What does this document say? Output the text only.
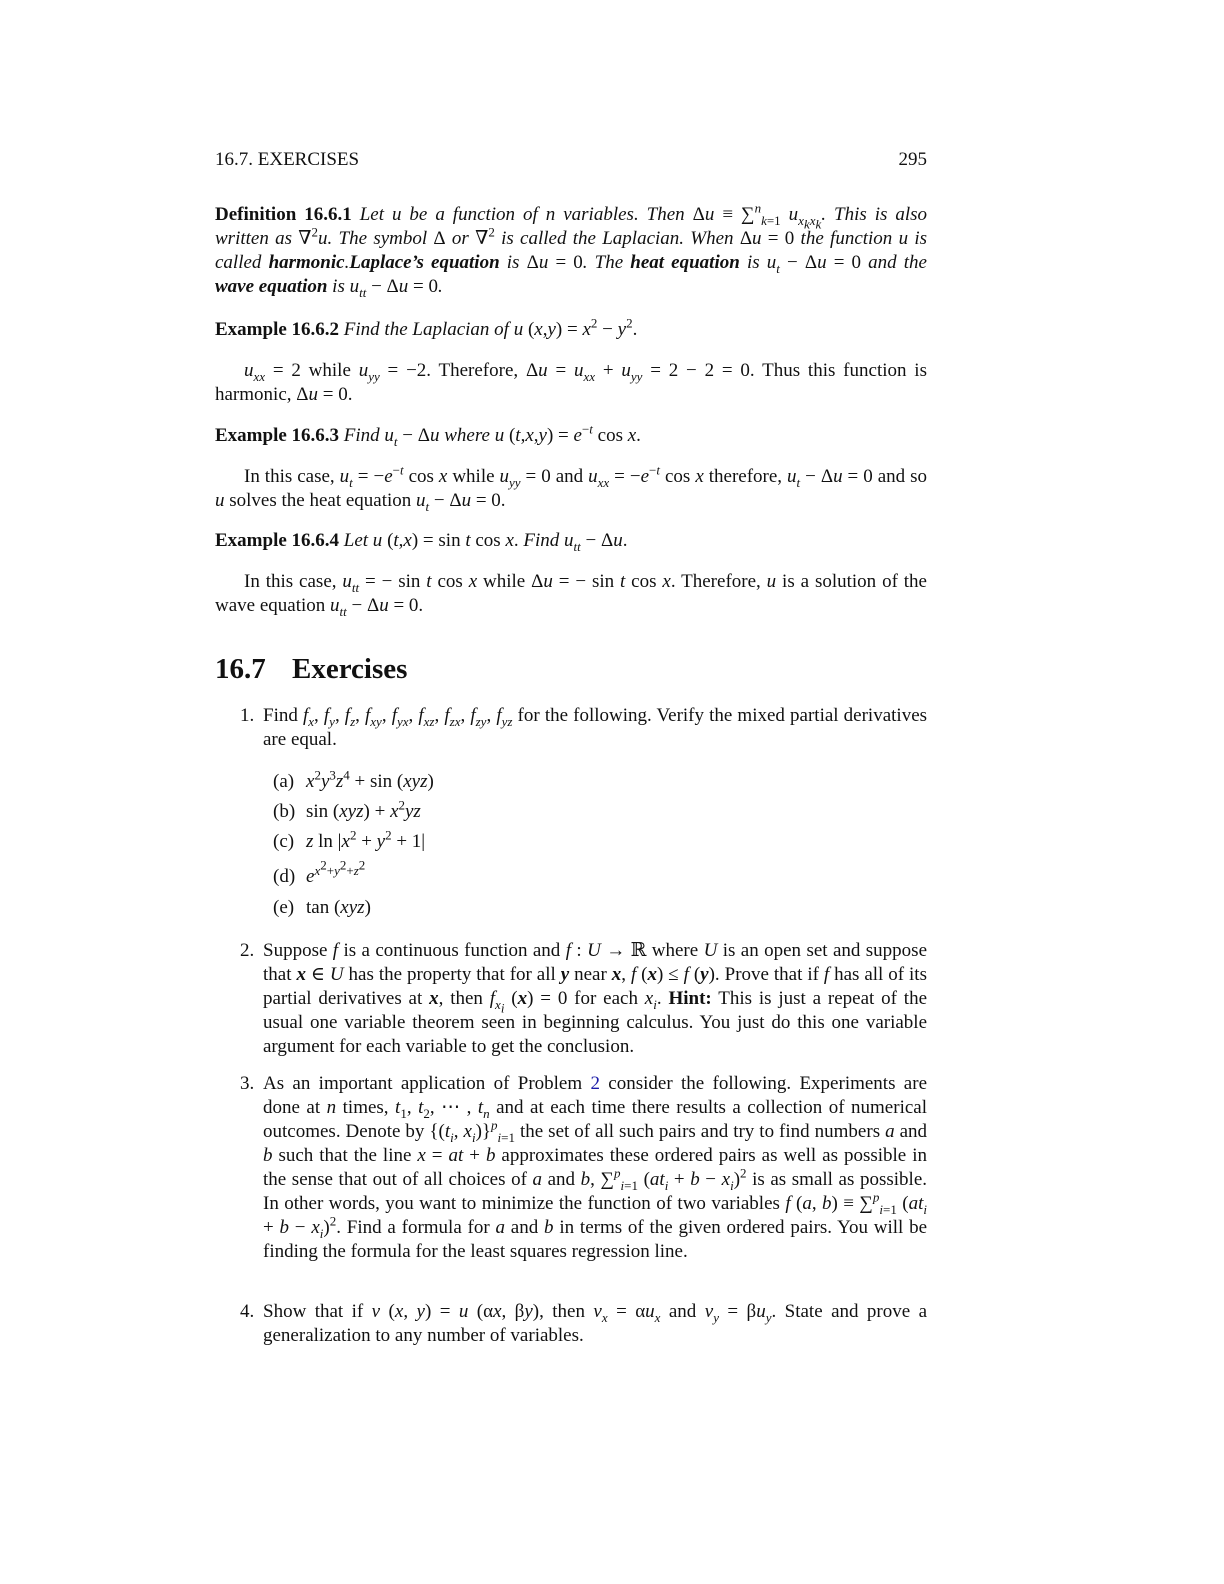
16.7. EXERCISES	295
Definition 16.6.1 Let u be a function of n variables. Then Δu ≡ ∑$^n_{k=1}$ $u_{x_kx_k}$. This is also written as ∇$^2$u. The symbol Δ or ∇$^2$ is called the Laplacian. When Δu = 0 the function u is called harmonic.Laplace’s equation is Δu = 0. The heat equation is $u_t - \Delta u = 0$ and the wave equation is $u_{tt} - \Delta u = 0$.
Example 16.6.2 Find the Laplacian of u $(x,y) = x^2 - y^2$.
$u_{xx} = 2$ while $u_{yy} = -2$. Therefore, $\Delta u = u_{xx} + u_{yy} = 2 - 2 = 0$. Thus this function is harmonic, Δu = 0.
Example 16.6.3 Find $u_t - \Delta u$ where u $(t,x,y) = e^{-t}$ cos x.
In this case, $u_t = -e^{-t}$ cos x while $u_{yy} = 0$ and $u_{xx} = -e^{-t}$ cos x therefore, $u_t - \Delta u = 0$ and so u solves the heat equation $u_t - \Delta u = 0$.
Example 16.6.4 Let u (t,x) = sin t cos x. Find $u_{tt} - \Delta u$.
In this case, $u_{tt}$ = − sin t cos x while Δu = − sin t cos x. Therefore, u is a solution of the wave equation $u_{tt} - \Delta u = 0$.
16.7 Exercises
1. Find $f_x$, $f_y$, $f_z$, $f_{xy}$, $f_{yx}$, $f_{xz}$, $f_{zx}$, $f_{zy}$, $f_{yz}$ for the following. Verify the mixed partial derivatives are equal.
(a) $x^2y^3z^4 + \sin (xyz)$
(b) $\sin (xyz) + x^2yz$
(c) z $\ln |x^2 + y^2 + 1|$
(d) $e^{x^2+y^2+z^2}$
(e) tan (xyz)
2. Suppose f is a continuous function and f : U → ℝ where U is an open set and suppose that x ∈ U has the property that for all y near x, f (x) ≤ f (y). Prove that if f has all of its partial derivatives at x, then $f_{x_i}$ (x) = 0 for each $x_i$. Hint: This is just a repeat of the usual one variable theorem seen in beginning calculus. You just do this one variable argument for each variable to get the conclusion.
3. As an important application of Problem 2 consider the following. Experiments are done at n times, $t_1$, $t_2$, ⋯ , $t_n$ and at each time there results a collection of numerical outcomes. Denote by {($t_i$, $x_i)\}^p_{i=1}$ the set of all such pairs and try to find numbers a and b such that the line x = at + b approximates these ordered pairs as well as possible in the sense that out of all choices of a and b, ∑$^p_{i=1}$ $(at_i + b - x_i)^2$ is as small as possible. In other words, you want to minimize the function of two variables f (a, b) ≡ ∑$^p_{i=1}$ $(at_i + b - x_i)^2$. Find a formula for a and b in terms of the given ordered pairs. You will be finding the formula for the least squares regression line.
4. Show that if v (x, y) = u (αx, βy), then $v_x = \alpha u_x$ and $v_y = \beta u_y$. State and prove a generalization to any number of variables.
